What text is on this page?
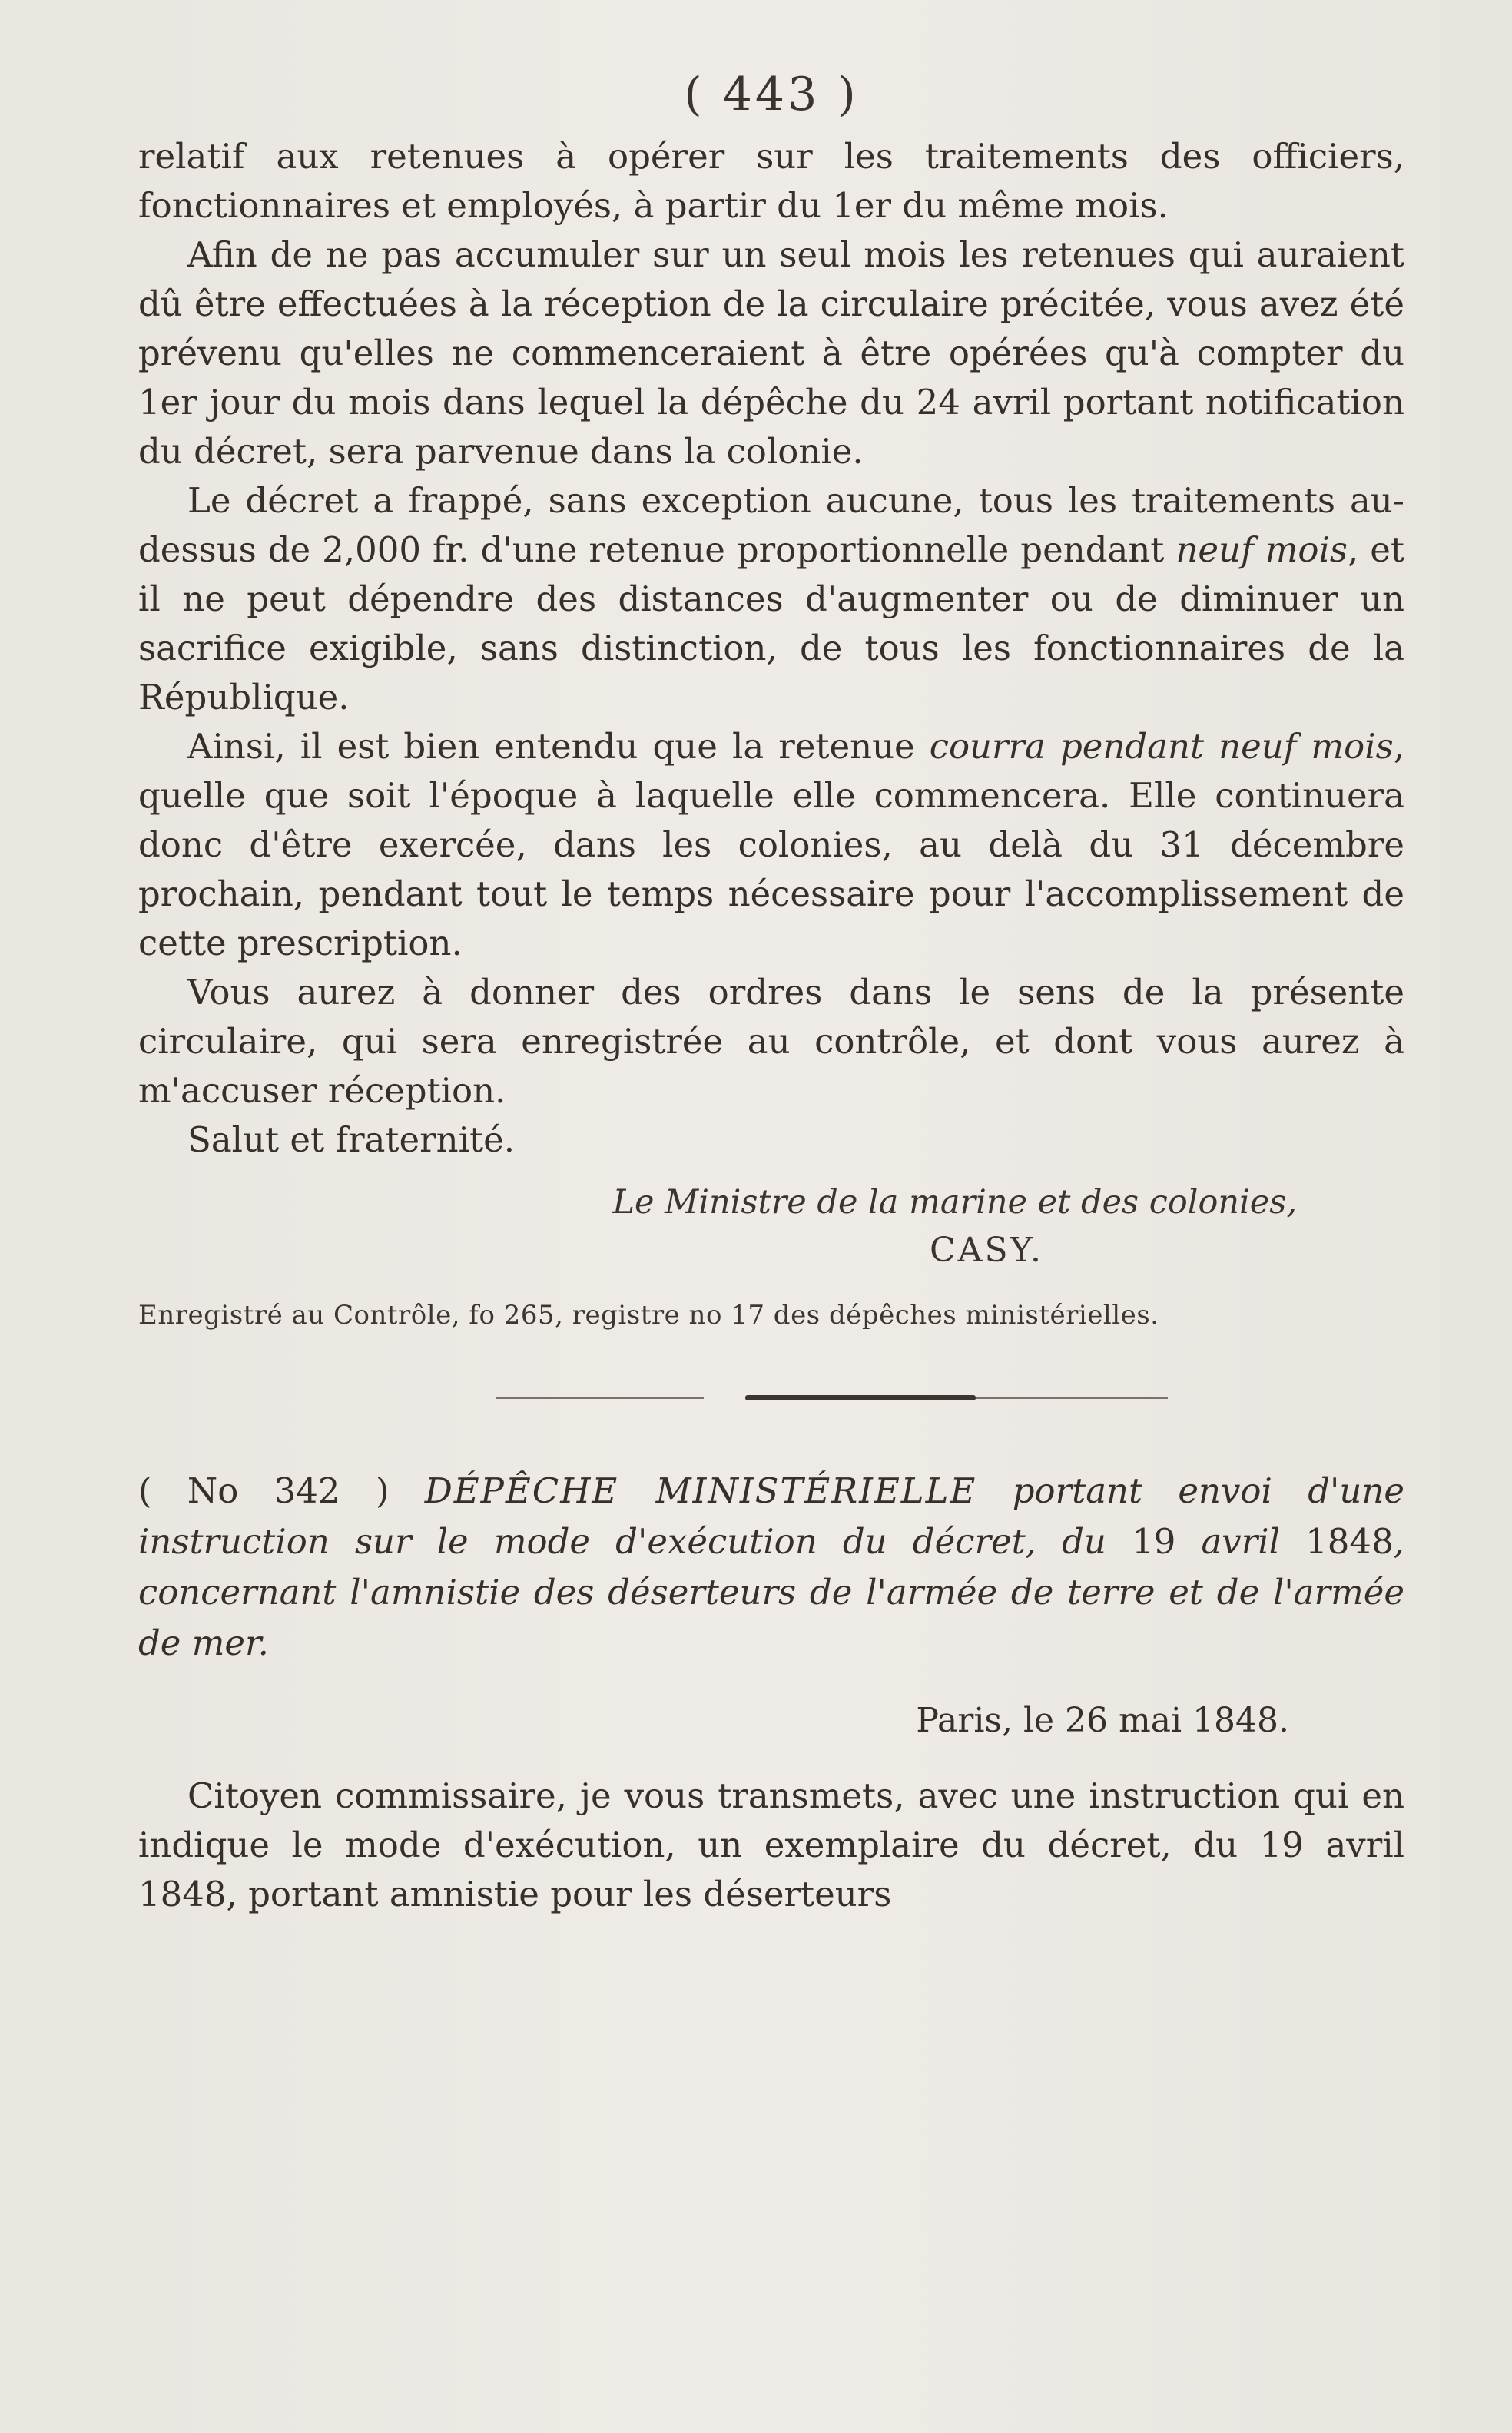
( 443 )

relatif aux retenues à opérer sur les traitements des officiers, fonctionnaires et employés, à partir du 1er du même mois.

Afin de ne pas accumuler sur un seul mois les retenues qui auraient dû être effectuées à la réception de la circulaire précitée, vous avez été prévenu qu'elles ne commenceraient à être opérées qu'à compter du 1er jour du mois dans lequel la dépêche du 24 avril portant notification du décret, sera parvenue dans la colonie.

Le décret a frappé, sans exception aucune, tous les traitements au-dessus de 2,000 fr. d'une retenue proportionnelle pendant neuf mois, et il ne peut dépendre des distances d'augmenter ou de diminuer un sacrifice exigible, sans distinction, de tous les fonctionnaires de la République.

Ainsi, il est bien entendu que la retenue courra pendant neuf mois, quelle que soit l'époque à laquelle elle commencera. Elle continuera donc d'être exercée, dans les colonies, au delà du 31 décembre prochain, pendant tout le temps nécessaire pour l'accomplissement de cette prescription.

Vous aurez à donner des ordres dans le sens de la présente circulaire, qui sera enregistrée au contrôle, et dont vous aurez à m'accuser réception.

Salut et fraternité.

Le Ministre de la marine et des colonies,
CASY.
Enregistré au Contrôle, fo 265, registre no 17 des dépêches ministérielles.
( No 342 ) DÉPÊCHE MINISTÉRIELLE portant envoi d'une instruction sur le mode d'exécution du décret, du 19 avril 1848, concernant l'amnistie des déserteurs de l'armée de terre et de l'armée de mer.
Paris, le 26 mai 1848.

Citoyen commissaire, je vous transmets, avec une instruction qui en indique le mode d'exécution, un exemplaire du décret, du 19 avril 1848, portant amnistie pour les déserteurs
